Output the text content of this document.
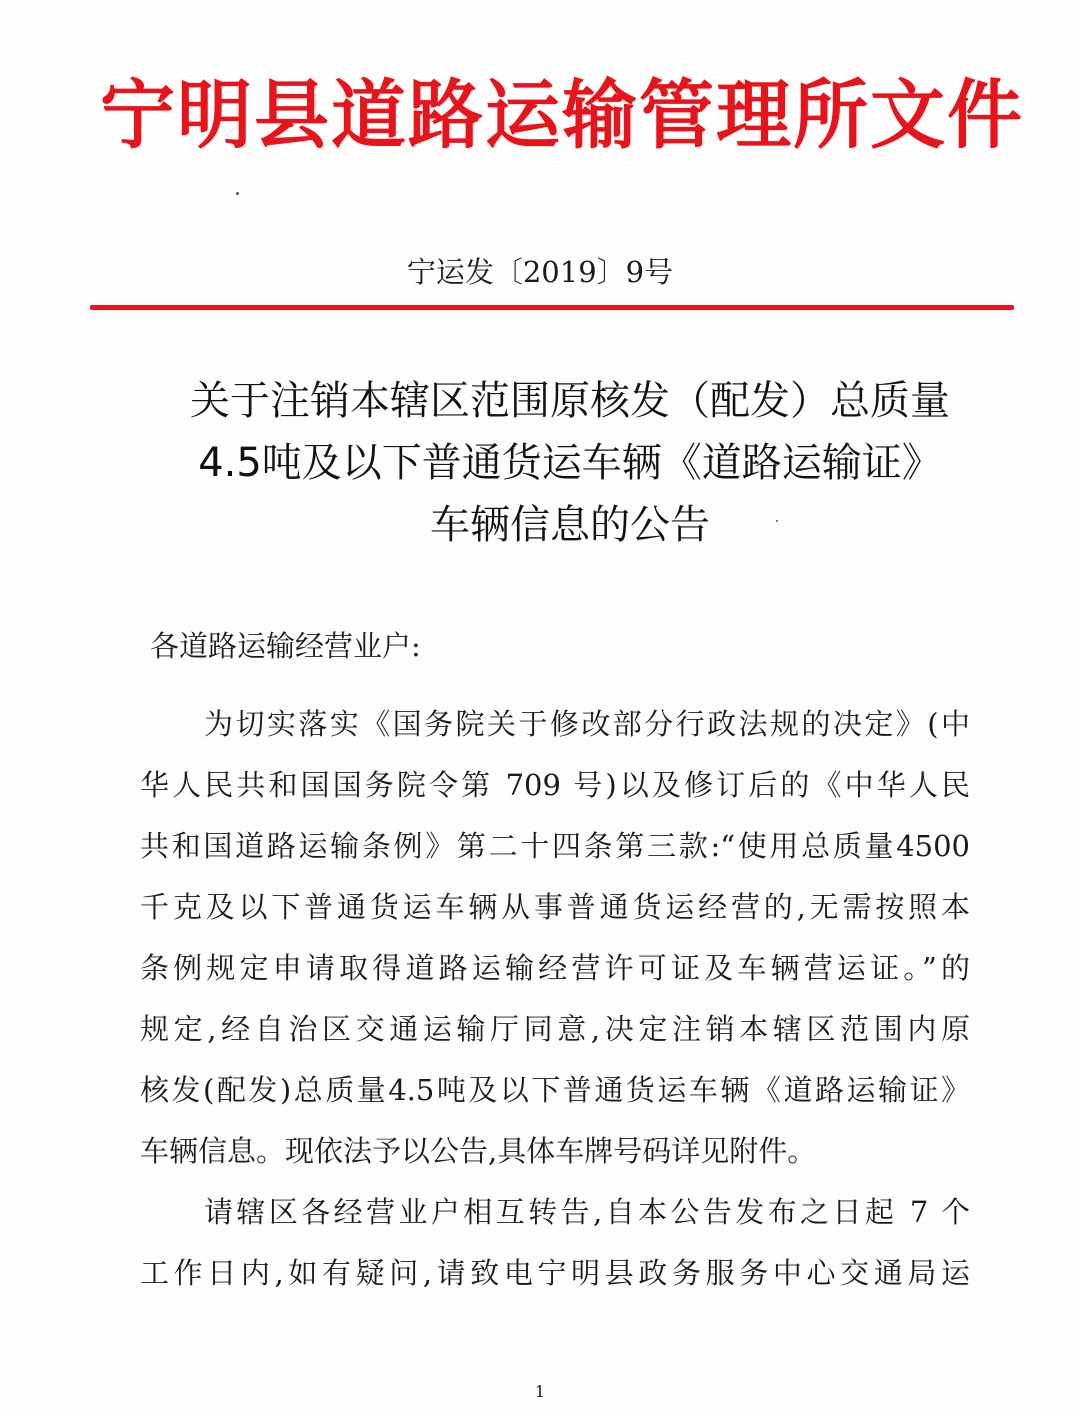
宁明县道路运输管理所文件
宁运发〔2019〕9号
关于注销本辖区范围原核发（配发）总质量
4.5吨及以下普通货运车辆《道路运输证》
车辆信息的公告
各道路运输经营业户:
为切实落实《国务院关于修改部分行政法规的决定》(中
华人民共和国国务院令第 709 号)以及修订后的《中华人民
共和国道路运输条例》第二十四条第三款:“使用总质量4500
千克及以下普通货运车辆从事普通货运经营的,无需按照本
条例规定申请取得道路运输经营许可证及车辆营运证。”的
规定,经自治区交通运输厅同意,决定注销本辖区范围内原
核发(配发)总质量4.5吨及以下普通货运车辆《道路运输证》
车辆信息。现依法予以公告,具体车牌号码详见附件。
请辖区各经营业户相互转告,自本公告发布之日起 7 个
工作日内,如有疑问,请致电宁明县政务服务中心交通局运
1
